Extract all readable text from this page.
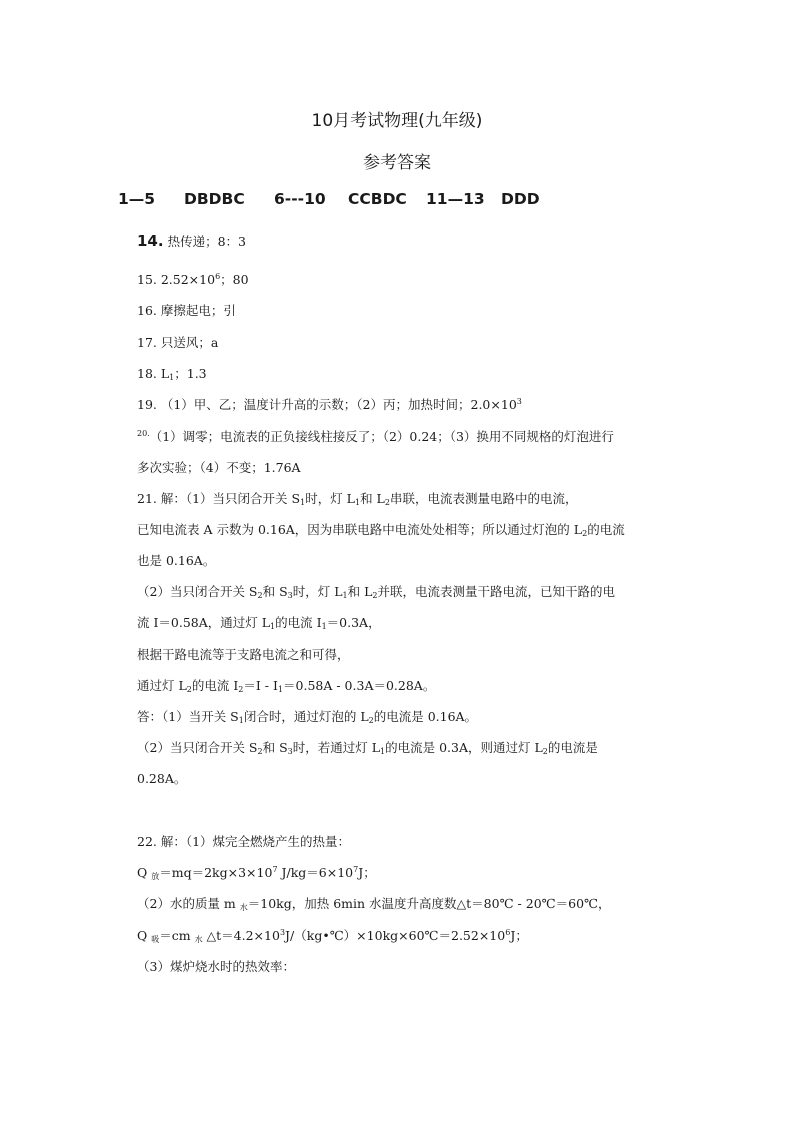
10月考试物理(九年级)
参考答案
1—5 DBDBC 6---10 CCBDC 11—13 DDD
14. 热传递；8：3
15. $2.52\times 10^6$；80
16. 摩擦起电；引
17. 只送风；a
18. $L_1$；1.3
19. （1）甲、乙；温度计升高的示数；（2）丙；加热时间；$2.0\times 10^3$
$^{20.}$（1）调零；电流表的正负接线柱接反了；（2）0.24；（3）换用不同规格的灯泡进行
多次实验；（4）不变；1.76A
21. 解：（1）当只闭合开关 $S_1$时，灯 $L_1$和 $L_2$串联，电流表测量电路中的电流，
已知电流表 A 示数为 0.16A，因为串联电路中电流处处相等；所以通过灯泡的 $L_2$的电流
也是 0.16A。
（2）当只闭合开关 $S_2$和 $S_3$时，灯 $L_1$和 $L_2$并联，电流表测量干路电流，已知干路的电
流 I＝0.58A，通过灯 $L_1$的电流 $I_1=0.3A$，
根据干路电流等于支路电流之和可得，
通过灯 $L_2$的电流 $I_2=I - I_1=0.58A - 0.3A=0.28A$。
答：（1）当开关 $S_1$闭合时，通过灯泡的 $L_2$的电流是 0.16A。
（2）当只闭合开关 $S_2$和 $S_3$时，若通过灯 $L_1$的电流是 0.3A，则通过灯 $L_2$的电流是
0.28A。
22. 解：（1）煤完全燃烧产生的热量：
Q $_放=mq=2kg\times 3\times 10^7$ $J/kg=6\times 10^7J$；
（2）水的质量 m $_水$＝10kg，加热 6min 水温度升高度数△t＝80℃ - 20℃＝60℃，
Q $_吸$＝cm $_水$ $\triangle t=4.2\times 10^3J/(kg•℃)\times 10kg\times 60℃=2.52\times 10^6J$；
（3）煤炉烧水时的热效率：
